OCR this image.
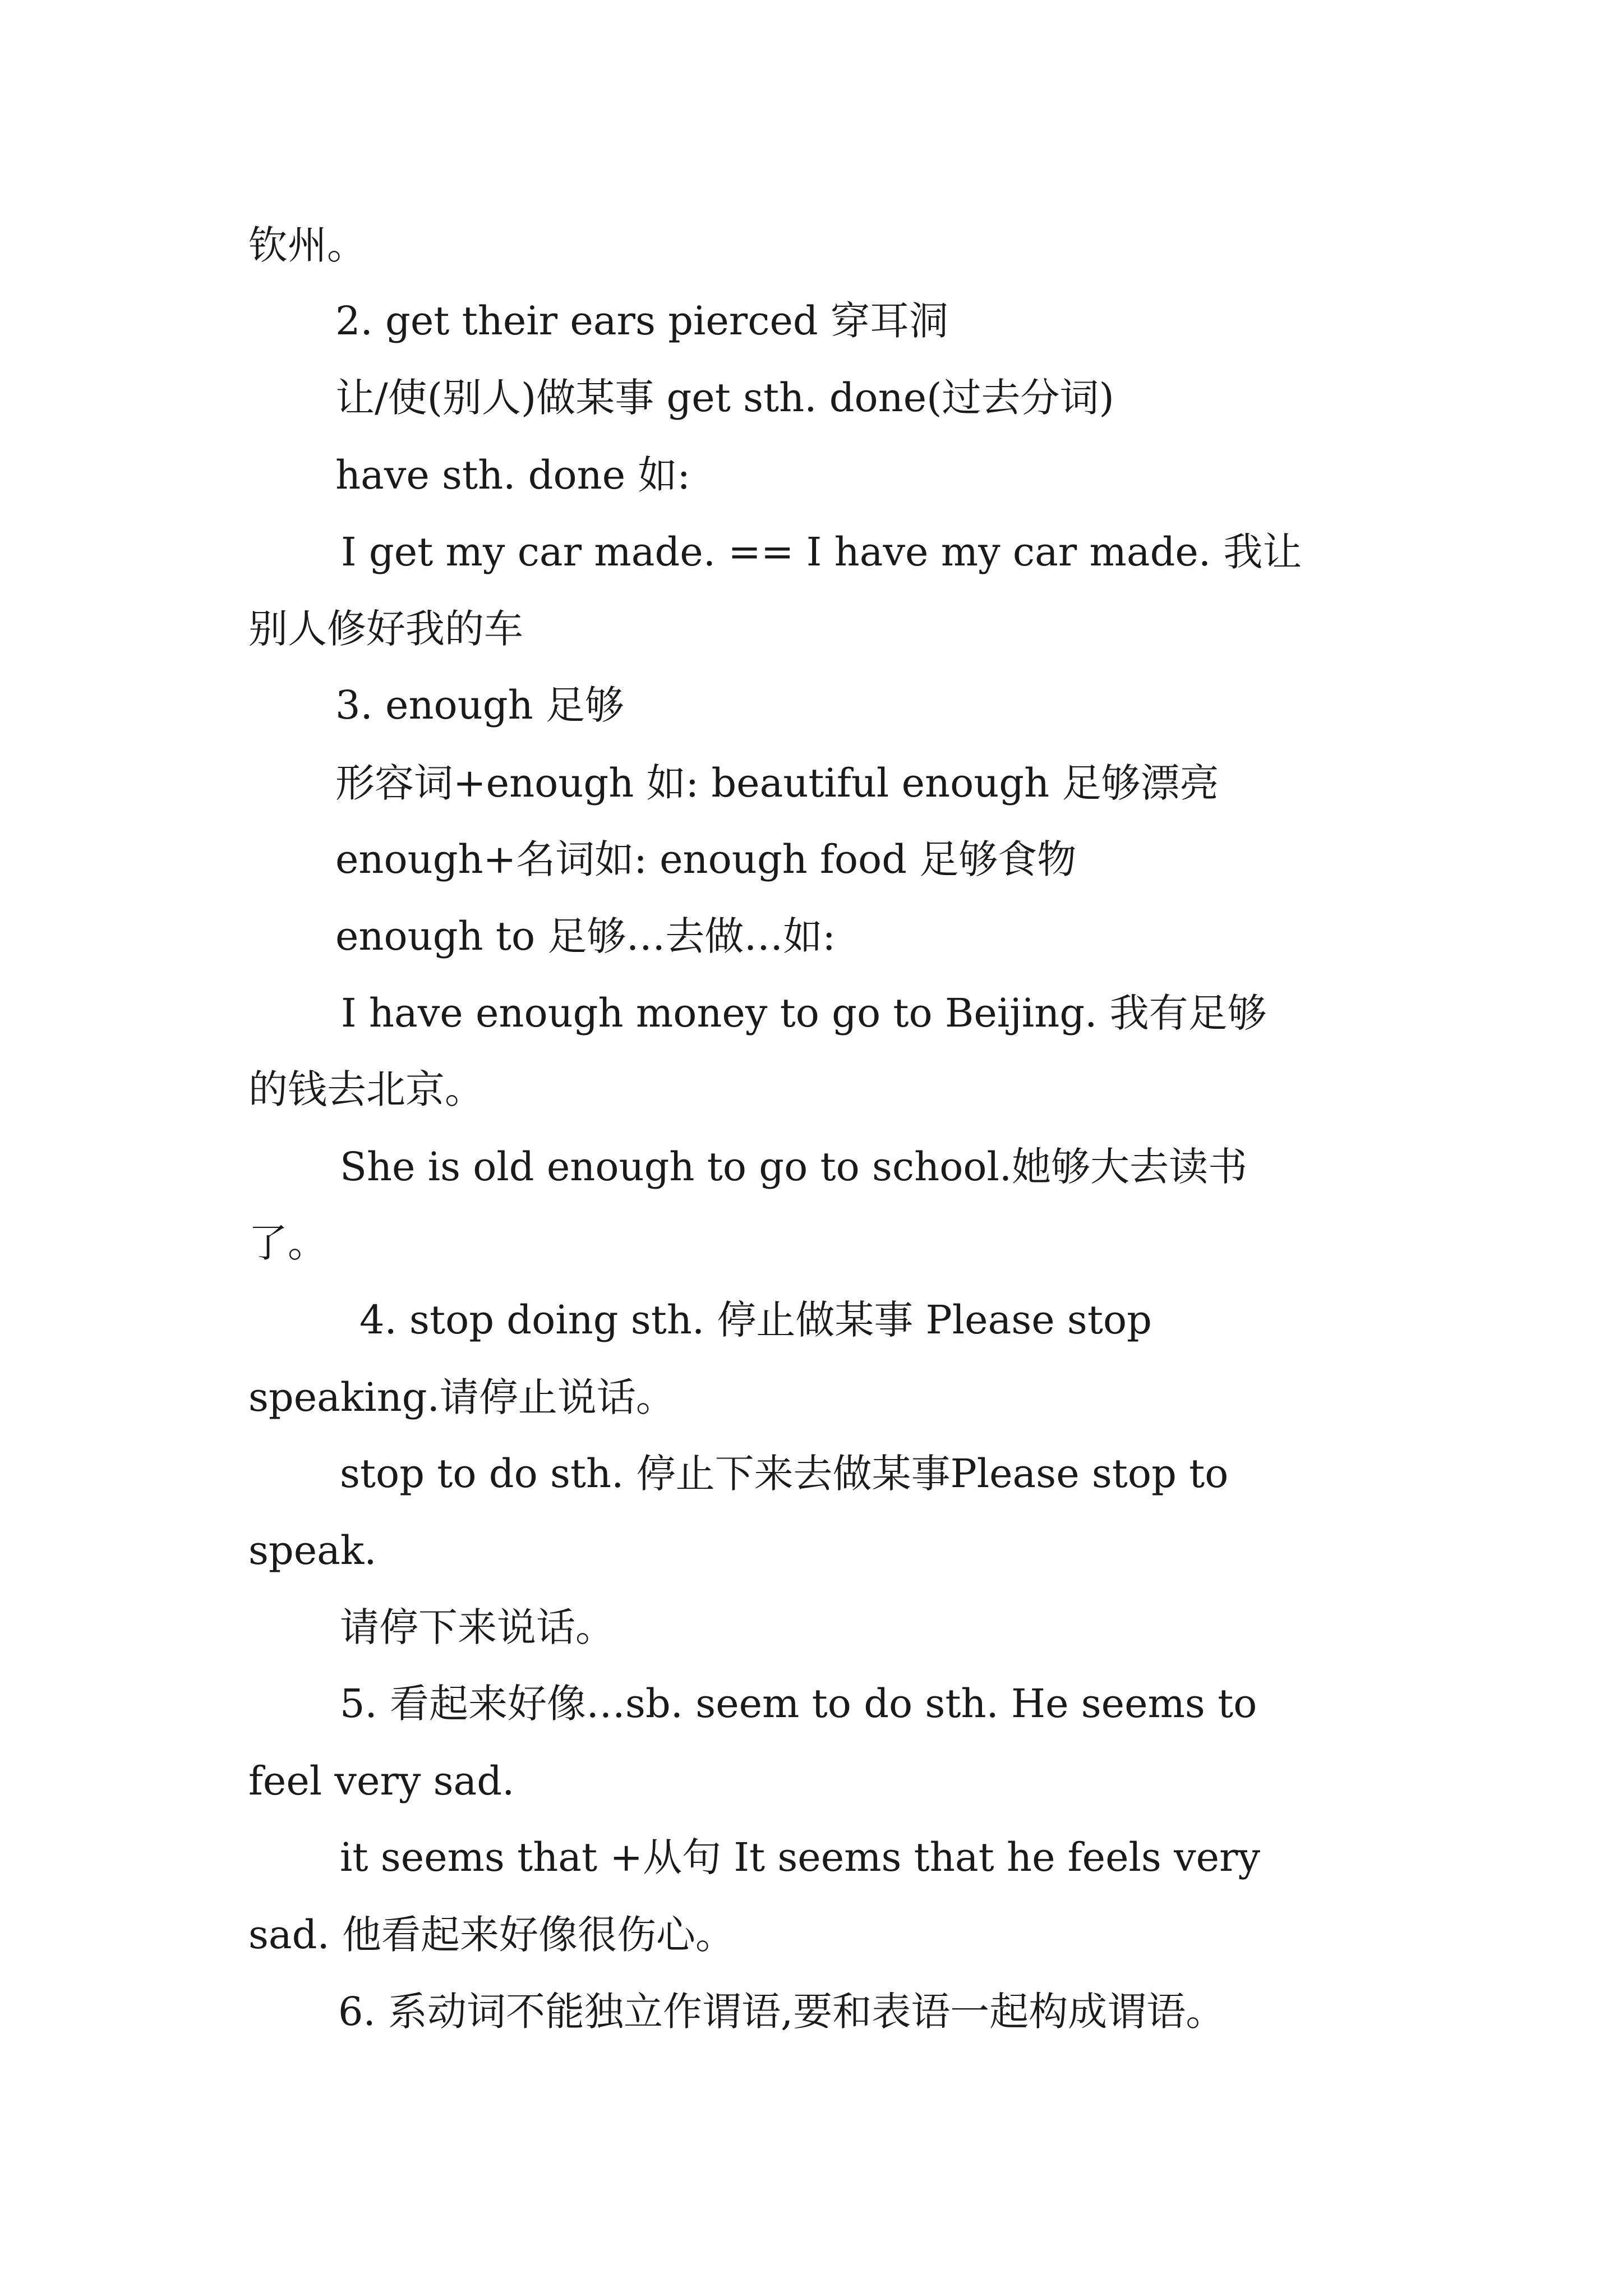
钦州。
2. get their ears pierced 穿耳洞
让/使(别人)做某事 get sth. done(过去分词)
have sth. done 如:
I get my car made. == I have my car made. 我让
别人修好我的车
3. enough 足够
形容词+enough 如: beautiful enough 足够漂亮
enough+名词如: enough food 足够食物
enough to 足够…去做…如:
I have enough money to go to Beijing. 我有足够
的钱去北京。
She is old enough to go to school.她够大去读书
了。
4. stop doing sth. 停止做某事 Please stop
speaking.请停止说话。
stop to do sth. 停止下来去做某事Please stop to
speak.
请停下来说话。
5. 看起来好像…sb. seem to do sth. He seems to
feel very sad.
it seems that +从句 It seems that he feels very
sad. 他看起来好像很伤心。
6. 系动词不能独立作谓语,要和表语一起构成谓语。
